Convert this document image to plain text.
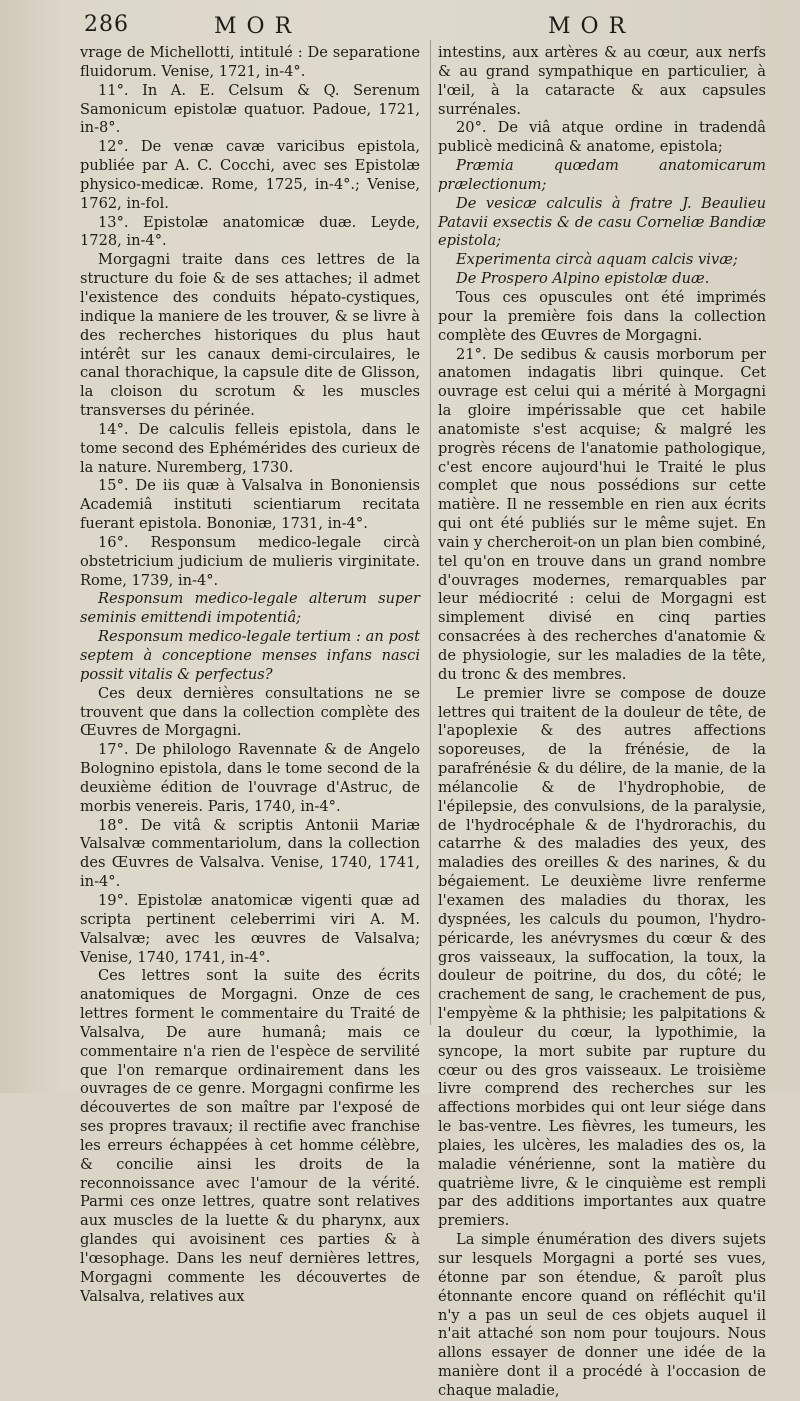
286	MOR	MOR

vrage de Michellotti, intitulé : De separatione fluidorum. Venise, 1721, in-4°.

11°. In A. E. Celsum & Q. Serenum Samonicum epistolæ quatuor. Padoue, 1721, in-8°.

12°. De venæ cavæ varicibus epistola, publiée par A. C. Cocchi, avec ses Epistolæ physico-medicæ. Rome, 1725, in-4°.; Venise, 1762, in-fol.

13°. Epistolæ anatomicæ duæ. Leyde, 1728, in-4°.

Morgagni traite dans ces lettres de la structure du foie & de ses attaches; il admet l'existence des conduits hépato-cystiques, indique la maniere de les trouver, & se livre à des recherches historiques du plus haut intérêt sur les canaux demi-circulaires, le canal thorachique, la capsule dite de Glisson, la cloison du scrotum & les muscles transverses du périnée.

14°. De calculis felleis epistola, dans le tome second des Ephémérides des curieux de la nature. Nuremberg, 1730.

15°. De iis quæ à Valsalva in Bononiensis Academiâ instituti scientiarum recitata fuerant epistola. Bononiæ, 1731, in-4°.

16°. Responsum medico-legale circà obstetricium judicium de mulieris virginitate. Rome, 1739, in-4°.

Responsum medico-legale alterum super seminis emittendi impotentiâ;

Responsum medico-legale tertium : an post septem à conceptione menses infans nasci possit vitalis & perfectus?

Ces deux dernières consultations ne se trouvent que dans la collection complète des Œuvres de Morgagni.

17°. De philologo Ravennate & de Angelo Bolognino epistola, dans le tome second de la deuxième édition de l'ouvrage d'Astruc, de morbis venereis. Paris, 1740, in-4°.

18°. De vitâ & scriptis Antonii Mariæ Valsalvæ commentariolum, dans la collection des Œuvres de Valsalva. Venise, 1740, 1741, in-4°.

19°. Epistolæ anatomicæ vigenti quæ ad scripta pertinent celeberrimi viri A. M. Valsalvæ; avec les œuvres de Valsalva; Venise, 1740, 1741, in-4°.

Ces lettres sont la suite des écrits anatomiques de Morgagni. Onze de ces lettres forment le commentaire du Traité de Valsalva, De aure humanâ; mais ce commentaire n'a rien de l'espèce de servilité que l'on remarque ordinairement dans les ouvrages de ce genre. Morgagni confirme les découvertes de son maître par l'exposé de ses propres travaux; il rectifie avec franchise les erreurs échappées à cet homme célèbre, & concilie ainsi les droits de la reconnoissance avec l'amour de la vérité. Parmi ces onze lettres, quatre sont relatives aux muscles de la luette & du pharynx, aux glandes qui avoisinent ces parties & à l'œsophage. Dans les neuf dernières lettres, Morgagni commente les découvertes de Valsalva, relatives aux

intestins, aux artères & au cœur, aux nerfs & au grand sympathique en particulier, à l'œil, à la cataracte & aux capsules surrénales.

20°. De viâ atque ordine in tradendâ publicè medicinâ & anatome, epistola;

Præmia quœdam anatomicarum prælectionum;

De vesicæ calculis à fratre J. Beaulieu Patavii exsectis & de casu Corneliæ Bandiæ epistola;

Experimenta circà aquam calcis vivæ;

De Prospero Alpino epistolæ duæ.

Tous ces opuscules ont été imprimés pour la première fois dans la collection complète des Œuvres de Morgagni.

21°. De sedibus & causis morborum per anatomen indagatis libri quinque. Cet ouvrage est celui qui a mérité à Morgagni la gloire impérissable que cet habile anatomiste s'est acquise; & malgré les progrès récens de l'anatomie pathologique, c'est encore aujourd'hui le Traité le plus complet que nous possédions sur cette matière. Il ne ressemble en rien aux écrits qui ont été publiés sur le même sujet. En vain y chercheroit-on un plan bien combiné, tel qu'on en trouve dans un grand nombre d'ouvrages modernes, remarquables par leur médiocrité : celui de Morgagni est simplement divisé en cinq parties consacrées à des recherches d'anatomie & de physiologie, sur les maladies de la tête, du tronc & des membres.

Le premier livre se compose de douze lettres qui traitent de la douleur de tête, de l'apoplexie & des autres affections soporeuses, de la frénésie, de la parafrénésie & du délire, de la manie, de la mélancolie & de l'hydrophobie, de l'épilepsie, des convulsions, de la paralysie, de l'hydrocéphale & de l'hydrorachis, du catarrhe & des maladies des yeux, des maladies des oreilles & des narines, & du bégaiement. Le deuxième livre renferme l'examen des maladies du thorax, les dyspnées, les calculs du poumon, l'hydro-péricarde, les anévrysmes du cœur & des gros vaisseaux, la suffocation, la toux, la douleur de poitrine, du dos, du côté; le crachement de sang, le crachement de pus, l'empyème & la phthisie; les palpitations & la douleur du cœur, la lypothimie, la syncope, la mort subite par rupture du cœur ou des gros vaisseaux. Le troisième livre comprend des recherches sur les affections morbides qui ont leur siége dans le bas-ventre. Les fièvres, les tumeurs, les plaies, les ulcères, les maladies des os, la maladie vénérienne, sont la matière du quatrième livre, & le cinquième est rempli par des additions importantes aux quatre premiers.

La simple énumération des divers sujets sur lesquels Morgagni a porté ses vues, étonne par son étendue, & paroît plus étonnante encore quand on réfléchit qu'il n'y a pas un seul de ces objets auquel il n'ait attaché son nom pour toujours. Nous allons essayer de donner une idée de la manière dont il a procédé à l'occasion de chaque maladie,
